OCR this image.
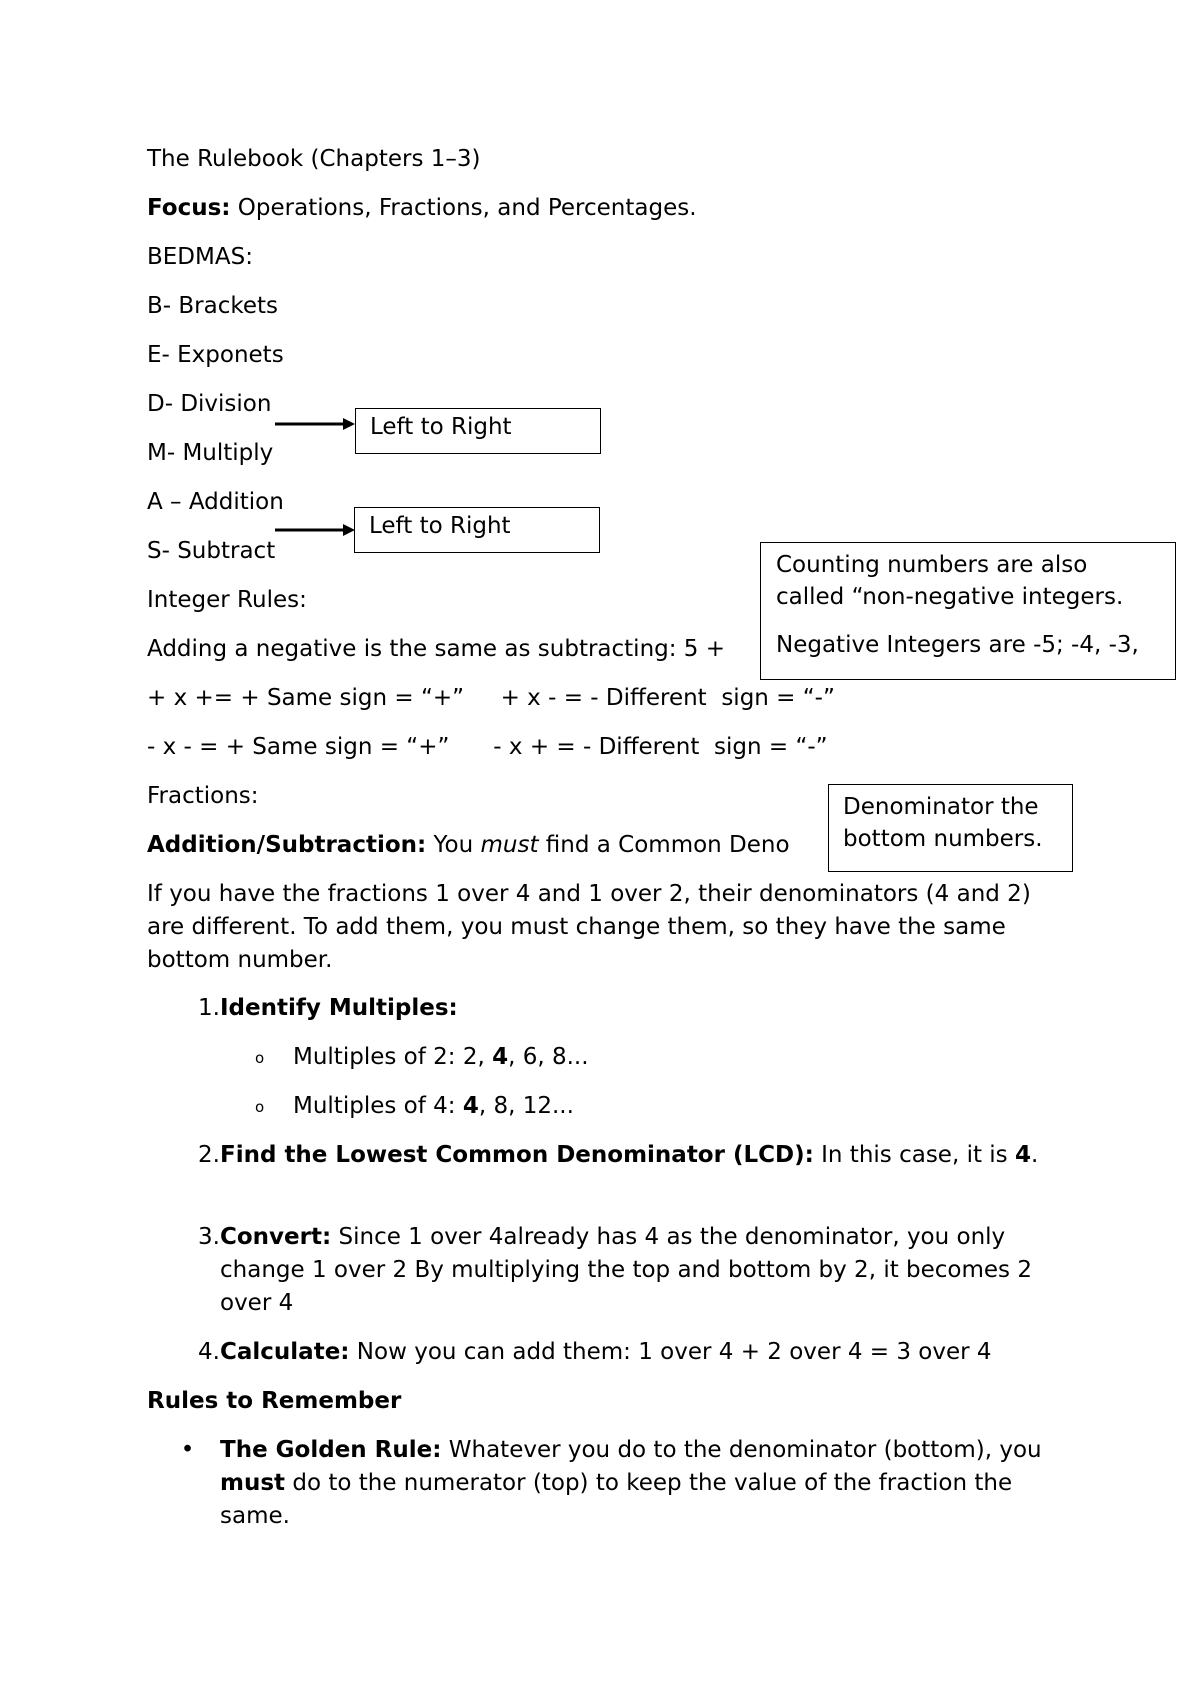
The Rulebook (Chapters 1–3)

Focus: Operations, Fractions, and Percentages.

BEDMAS:

B- Brackets

E- Exponets

D- Division

M- Multiply

A – Addition

S- Subtract

Left to Right
Left to Right

Integer Rules:

Adding a negative is the same as subtracting: 5 +

Counting numbers are also
called “non-negative integers.
Negative Integers are -5; -4, -3,

+ x += + Same sign = “+”     + x - = - Different  sign = “-”

- x - = + Same sign = “+”      - x + = - Different  sign = “-”

Fractions:

Addition/Subtraction: You must find a Common Deno

Denominator the
bottom numbers.

If you have the fractions 1 over 4 and 1 over 2, their denominators (4 and 2) are different. To add them, you must change them, so they have the same bottom number.

1. Identify Multiples:

o Multiples of 2: 2, 4, 6, 8...

o Multiples of 4: 4, 8, 12...

2. Find the Lowest Common Denominator (LCD): In this case, it is 4.

3. Convert: Since 1 over 4already has 4 as the denominator, you only change 1 over 2 By multiplying the top and bottom by 2, it becomes 2 over 4

4. Calculate: Now you can add them: 1 over 4 + 2 over 4 = 3 over 4

Rules to Remember

• The Golden Rule: Whatever you do to the denominator (bottom), you must do to the numerator (top) to keep the value of the fraction the same.
